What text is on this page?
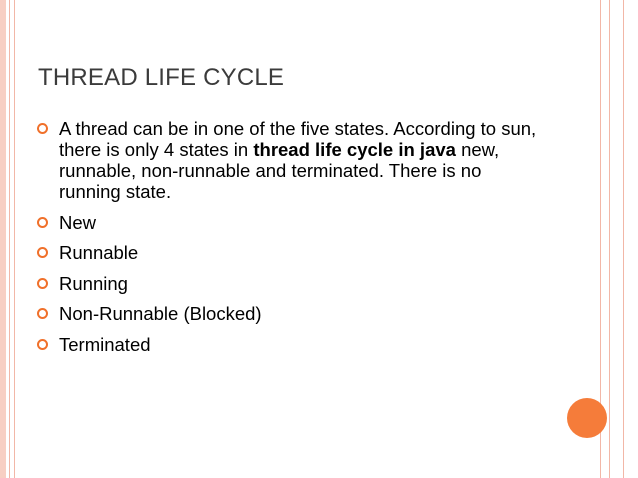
THREAD LIFE CYCLE
A thread can be in one of the five states. According to sun, there is only 4 states in thread life cycle in java new, runnable, non-runnable and terminated. There is no running state.
New
Runnable
Running
Non-Runnable (Blocked)
Terminated
